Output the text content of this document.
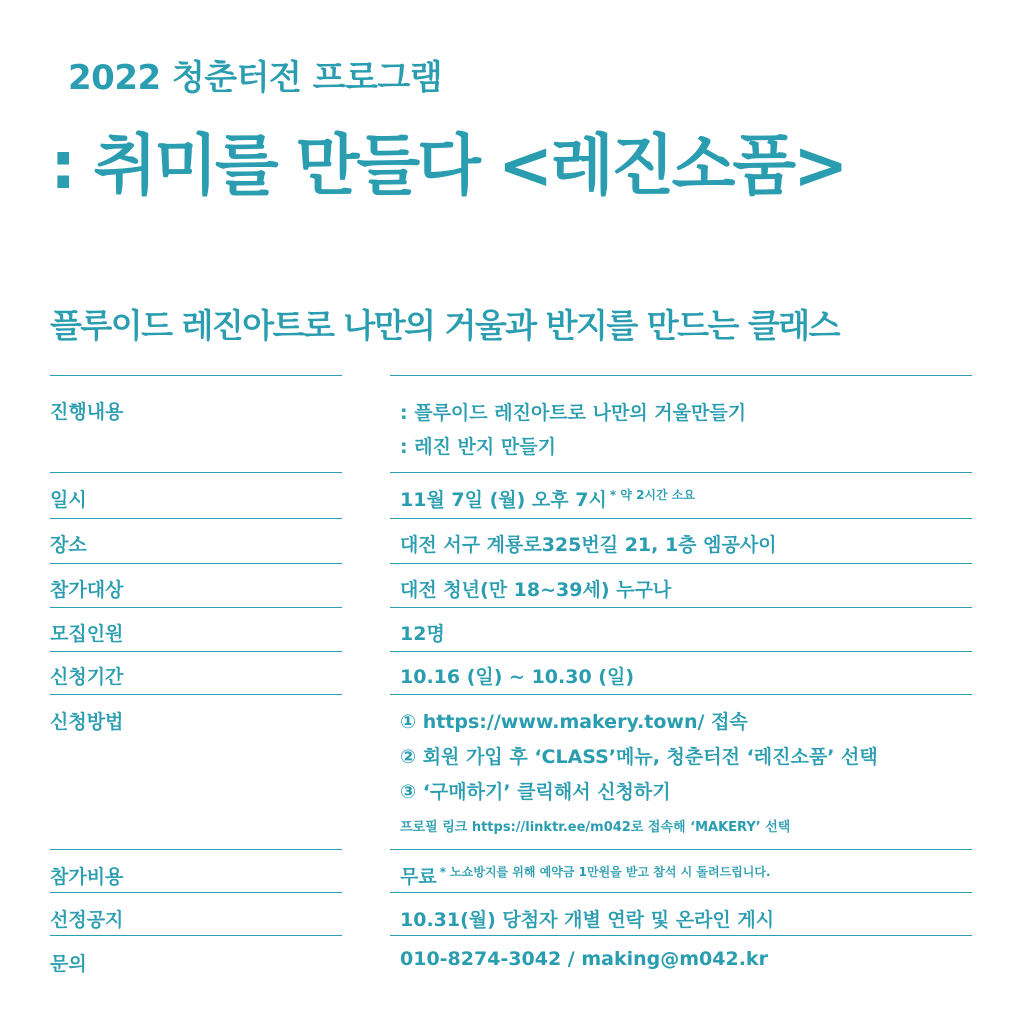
2022 청춘터전 프로그램
: 취미를 만들다 <레진소품>
플루이드 레진아트로 나만의 거울과 반지를 만드는 클래스
진행내용	: 플루이드 레진아트로 나만의 거울만들기
: 레진 반지 만들기
일시	11월 7일 (월) 오후 7시 $^{* 약 2시간 소요}$
장소	대전 서구 계룡로325번길 21, 1층 엠공사이
참가대상	대전 청년(만 18~39세) 누구나
모집인원	12명
신청기간	10.16 (일) ~ 10.30 (일)
신청방법	① https://www.makery.town/ 접속
② 회원 가입 후 ‘CLASS’메뉴, 청춘터전 ‘레진소품’ 선택
③ ‘구매하기’ 클릭해서 신청하기
프로필 링크 https://linktr.ee/m042로 접속해 ‘MAKERY’ 선택
참가비용	무료 $^{* 노쇼방지를 위해 예약금 1만원을 받고 참석 시 돌려드립니다.}$
선정공지	10.31(월) 당첨자 개별 연락 및 온라인 게시
문의	010-8274-3042 / making@m042.kr
